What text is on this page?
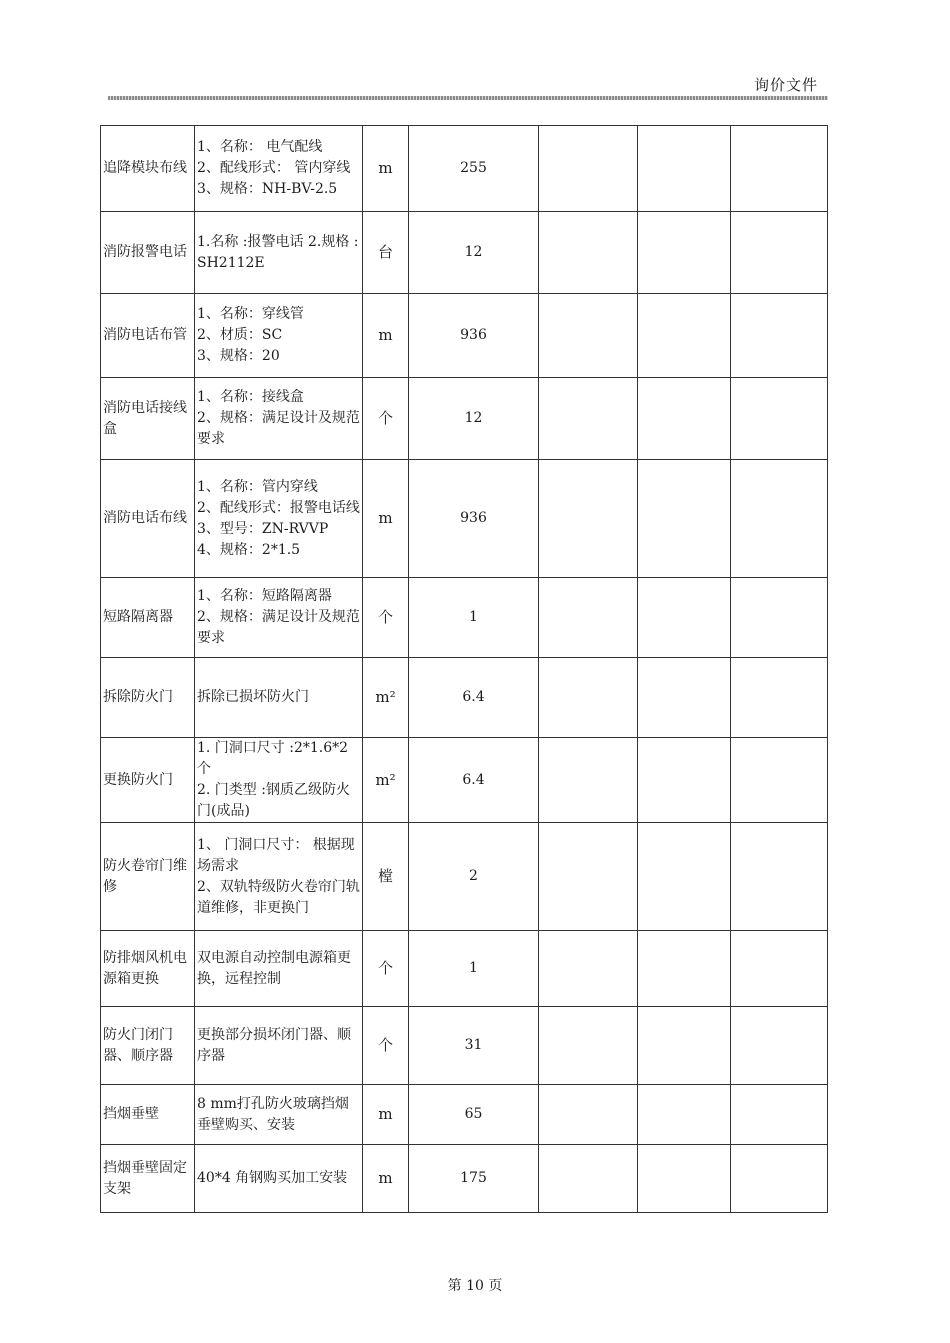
询价文件
追降模块布线	1、名称： 电气配线
2、配线形式： 管内穿线
3、规格：NH-BV-2.5	m	255			
消防报警电话	1.名称 :报警电话 2.规格 :SH2112E	台	12			
消防电话布管	1、名称：穿线管
2、材质：SC
3、规格：20	m	936			
消防电话接线盒	1、名称：接线盒
2、规格：满足设计及规范要求	个	12			
消防电话布线	1、名称：管内穿线
2、配线形式：报警电话线
3、型号：ZN-RVVP
4、规格：2*1.5	m	936			
短路隔离器	1、名称：短路隔离器
2、规格：满足设计及规范要求	个	1			
拆除防火门	拆除已损坏防火门	m²	6.4			
更换防火门	1. 门洞口尺寸 :2*1.6*2 个
2. 门类型 :钢质乙级防火门(成品)	m²	6.4			
防火卷帘门维修	1、 门洞口尺寸： 根据现场需求
2、双轨特级防火卷帘门轨道维修，非更换门	樘	2			
防排烟风机电源箱更换	双电源自动控制电源箱更换，远程控制	个	1			
防火门闭门器、顺序器	更换部分损坏闭门器、顺序器	个	31			
挡烟垂壁	8 mm打孔防火玻璃挡烟垂壁购买、安装	m	65			
挡烟垂壁固定支架	40*4 角钢购买加工安装	m	175			
第 10 页
